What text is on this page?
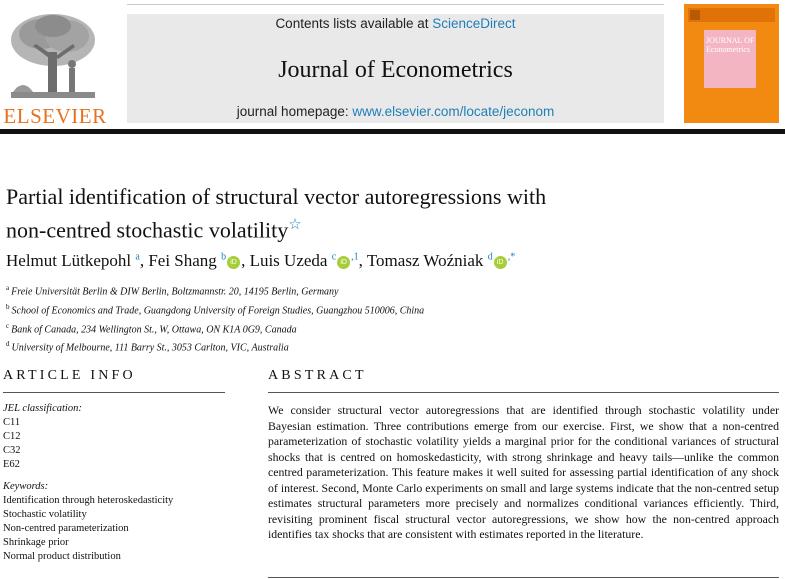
ELSEVIER
Contents lists available at ScienceDirect
Journal of Econometrics
journal homepage: www.elsevier.com/locate/jeconom
JOURNAL OF
Econometrics
Partial identification of structural vector autoregressions with
non-centred stochastic volatility☆
Helmut Lütkepohl $^a$, Fei Shang $^b$iD , Luis Uzeda $^ciD^{,1}$, Tomasz Woźniak $^d$iD,*
$^a$ Freie Universität Berlin & DIW Berlin, Boltzmannstr. 20, 14195 Berlin, Germany
$^b$ School of Economics and Trade, Guangdong University of Foreign Studies, Guangzhou 510006, China
$^c$ Bank of Canada, 234 Wellington St., W, Ottawa, ON K1A 0G9, Canada
$^d$ University of Melbourne, 111 Barry St., 3053 Carlton, VIC, Australia
ARTICLE INFO
JEL classification:
C11
C12
C32
E62
Keywords:
Identification through heteroskedasticity
Stochastic volatility
Non-centred parameterization
Shrinkage prior
Normal product distribution
ABSTRACT
We consider structural vector autoregressions that are identified through stochastic volatility under Bayesian estimation. Three contributions emerge from our exercise. First, we show that a non-centred parameterization of stochastic volatility yields a marginal prior for the conditional variances of structural shocks that is centred on homoskedasticity, with strong shrinkage and heavy tails—unlike the common centred parameterization. This feature makes it well suited for assessing partial identification of any shock of interest. Second, Monte Carlo experiments on small and large systems indicate that the non-centred setup estimates structural parameters more precisely and normalizes conditional variances efficiently. Third, revisiting prominent fiscal structural vector autoregressions, we show how the non-centred approach identifies tax shocks that are consistent with estimates reported in the literature.
